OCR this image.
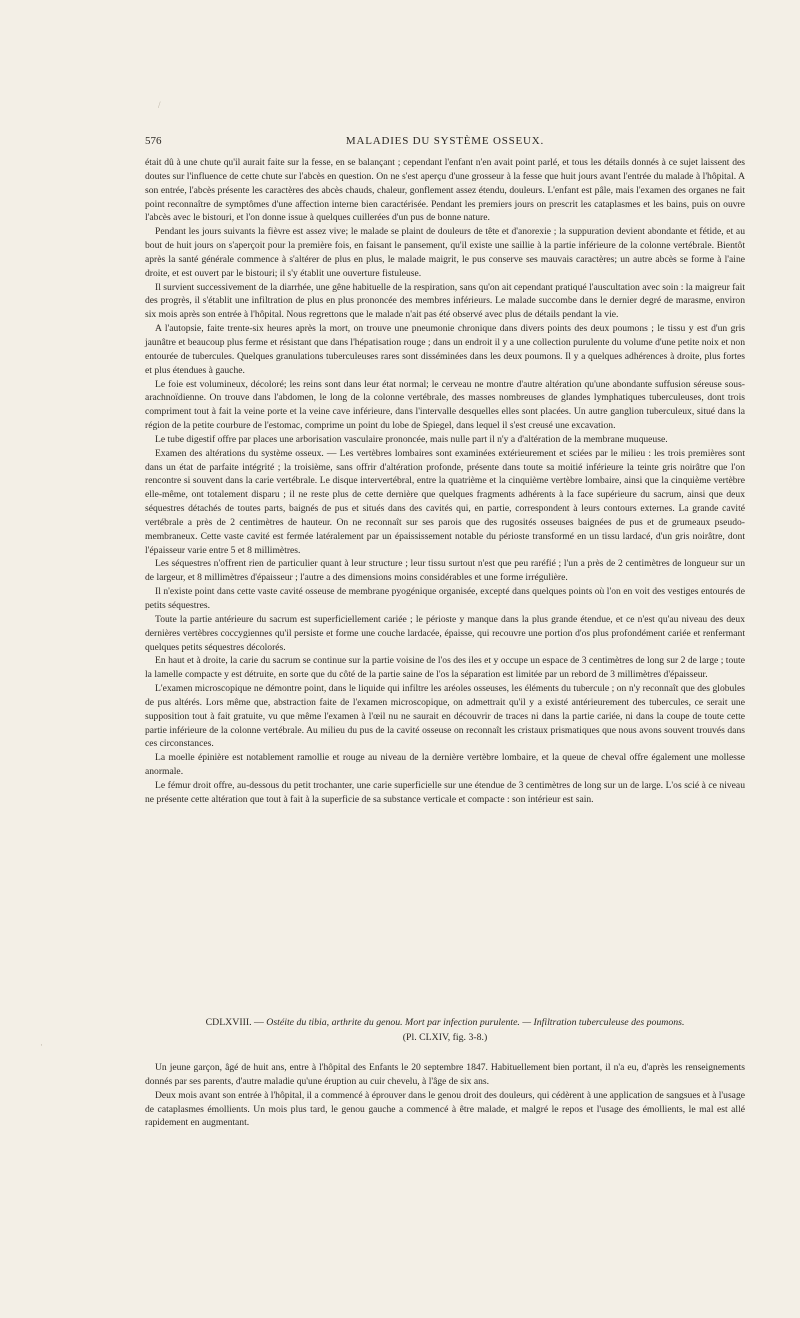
/
576	MALADIES DU SYSTÈME OSSEUX.

était dû à une chute qu'il aurait faite sur la fesse, en se balançant ; cependant l'enfant n'en avait point parlé, et tous les détails donnés à ce sujet laissent des doutes sur l'influence de cette chute sur l'abcès en question. On ne s'est aperçu d'une grosseur à la fesse que huit jours avant l'entrée du malade à l'hôpital. A son entrée, l'abcès présente les caractères des abcès chauds, chaleur, gonflement assez étendu, douleurs. L'enfant est pâle, mais l'examen des organes ne fait point reconnaître de symptômes d'une affection interne bien caractérisée. Pendant les premiers jours on prescrit les cataplasmes et les bains, puis on ouvre l'abcès avec le bistouri, et l'on donne issue à quelques cuillerées d'un pus de bonne nature.

Pendant les jours suivants la fièvre est assez vive; le malade se plaint de douleurs de tête et d'anorexie ; la suppuration devient abondante et fétide, et au bout de huit jours on s'aperçoit pour la première fois, en faisant le pansement, qu'il existe une saillie à la partie inférieure de la colonne vertébrale. Bientôt après la santé générale commence à s'altérer de plus en plus, le malade maigrit, le pus conserve ses mauvais caractères; un autre abcès se forme à l'aine droite, et est ouvert par le bistouri; il s'y établit une ouverture fistuleuse.

Il survient successivement de la diarrhée, une gêne habituelle de la respiration, sans qu'on ait cependant pratiqué l'auscultation avec soin : la maigreur fait des progrès, il s'établit une infiltration de plus en plus prononcée des membres inférieurs. Le malade succombe dans le dernier degré de marasme, environ six mois après son entrée à l'hôpital. Nous regrettons que le malade n'ait pas été observé avec plus de détails pendant la vie.

A l'autopsie, faite trente-six heures après la mort, on trouve une pneumonie chronique dans divers points des deux poumons ; le tissu y est d'un gris jaunâtre et beaucoup plus ferme et résistant que dans l'hépatisation rouge ; dans un endroit il y a une collection purulente du volume d'une petite noix et non entourée de tubercules. Quelques granulations tuberculeuses rares sont disséminées dans les deux poumons. Il y a quelques adhérences à droite, plus fortes et plus étendues à gauche.

Le foie est volumineux, décoloré; les reins sont dans leur état normal; le cerveau ne montre d'autre altération qu'une abondante suffusion séreuse sous-arachnoïdienne. On trouve dans l'abdomen, le long de la colonne vertébrale, des masses nombreuses de glandes lymphatiques tuberculeuses, dont trois compriment tout à fait la veine porte et la veine cave inférieure, dans l'intervalle desquelles elles sont placées. Un autre ganglion tuberculeux, situé dans la région de la petite courbure de l'estomac, comprime un point du lobe de Spiegel, dans lequel il s'est creusé une excavation.

Le tube digestif offre par places une arborisation vasculaire prononcée, mais nulle part il n'y a d'altération de la membrane muqueuse.

Examen des altérations du système osseux. — Les vertèbres lombaires sont examinées extérieurement et sciées par le milieu : les trois premières sont dans un état de parfaite intégrité ; la troisième, sans offrir d'altération profonde, présente dans toute sa moitié inférieure la teinte gris noirâtre que l'on rencontre si souvent dans la carie vertébrale. Le disque intervertébral, entre la quatrième et la cinquième vertèbre lombaire, ainsi que la cinquième vertèbre elle-même, ont totalement disparu ; il ne reste plus de cette dernière que quelques fragments adhérents à la face supérieure du sacrum, ainsi que deux séquestres détachés de toutes parts, baignés de pus et situés dans des cavités qui, en partie, correspondent à leurs contours externes. La grande cavité vertébrale a près de 2 centimètres de hauteur. On ne reconnaît sur ses parois que des rugosités osseuses baignées de pus et de grumeaux pseudo-membraneux. Cette vaste cavité est fermée latéralement par un épaississement notable du périoste transformé en un tissu lardacé, d'un gris noirâtre, dont l'épaisseur varie entre 5 et 8 millimètres.

Les séquestres n'offrent rien de particulier quant à leur structure ; leur tissu surtout n'est que peu raréfié ; l'un a près de 2 centimètres de longueur sur un de largeur, et 8 millimètres d'épaisseur ; l'autre a des dimensions moins considérables et une forme irrégulière.

Il n'existe point dans cette vaste cavité osseuse de membrane pyogénique organisée, excepté dans quelques points où l'on en voit des vestiges entourés de petits séquestres.

Toute la partie antérieure du sacrum est superficiellement cariée ; le périoste y manque dans la plus grande étendue, et ce n'est qu'au niveau des deux dernières vertèbres coccygiennes qu'il persiste et forme une couche lardacée, épaisse, qui recouvre une portion d'os plus profondément cariée et renfermant quelques petits séquestres décolorés.

En haut et à droite, la carie du sacrum se continue sur la partie voisine de l'os des iles et y occupe un espace de 3 centimètres de long sur 2 de large ; toute la lamelle compacte y est détruite, en sorte que du côté de la partie saine de l'os la séparation est limitée par un rebord de 3 millimètres d'épaisseur.

L'examen microscopique ne démontre point, dans le liquide qui infiltre les aréoles osseuses, les éléments du tubercule ; on n'y reconnaît que des globules de pus altérés. Lors même que, abstraction faite de l'examen microscopique, on admettrait qu'il y a existé antérieurement des tubercules, ce serait une supposition tout à fait gratuite, vu que même l'examen à l'œil nu ne saurait en découvrir de traces ni dans la partie cariée, ni dans la coupe de toute cette partie inférieure de la colonne vertébrale. Au milieu du pus de la cavité osseuse on reconnaît les cristaux prismatiques que nous avons souvent trouvés dans ces circonstances.

La moelle épinière est notablement ramollie et rouge au niveau de la dernière vertèbre lombaire, et la queue de cheval offre également une mollesse anormale.

Le fémur droit offre, au-dessous du petit trochanter, une carie superficielle sur une étendue de 3 centimètres de long sur un de large. L'os scié à ce niveau ne présente cette altération que tout à fait à la superficie de sa substance verticale et compacte : son intérieur est sain.

CDLXVIII. — Ostéite du tibia, arthrite du genou. Mort par infection purulente. — Infiltration tuberculeuse des poumons.
(Pl. CLXIV, fig. 3-8.)

Un jeune garçon, âgé de huit ans, entre à l'hôpital des Enfants le 20 septembre 1847. Habituellement bien portant, il n'a eu, d'après les renseignements donnés par ses parents, d'autre maladie qu'une éruption au cuir chevelu, à l'âge de six ans.

Deux mois avant son entrée à l'hôpital, il a commencé à éprouver dans le genou droit des douleurs, qui cédèrent à une application de sangsues et à l'usage de cataplasmes émollients. Un mois plus tard, le genou gauche a commencé à être malade, et malgré le repos et l'usage des émollients, le mal est allé rapidement en augmentant.

·
